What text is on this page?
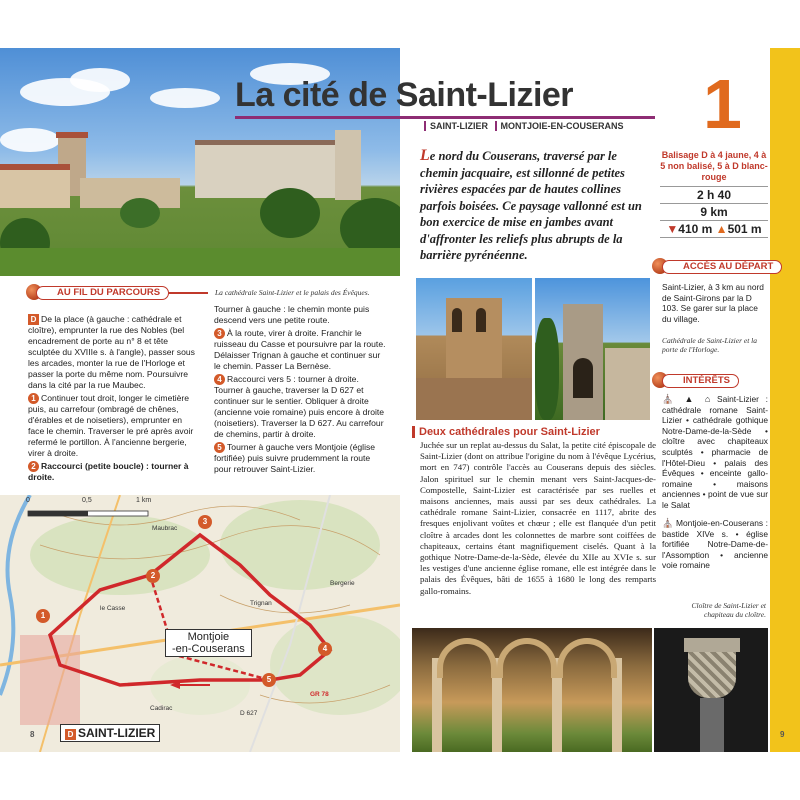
La cathédrale Saint-Lizier et le palais des Évêques.
AU FIL DU PARCOURS

D De la place (à gauche : cathédrale et cloître), emprunter la rue des Nobles (bel encadrement de porte au n° 8 et tête sculptée du XVIIIe s. à l'angle), passer sous les arcades, monter la rue de l'Horloge et passer la porte du même nom. Poursuivre dans la cité par la rue Maubec.

1 Continuer tout droit, longer le cimetière puis, au carrefour (ombragé de chênes, d'érables et de noisetiers), emprunter en face le chemin. Traverser le pré après avoir refermé le portillon. À l'ancienne bergerie, virer à droite.

2 Raccourci (petite boucle) : tourner à droite.

Tourner à gauche : le chemin monte puis descend vers une petite route.

3 À la route, virer à droite. Franchir le ruisseau du Casse et poursuivre par la route. Délaisser Trignan à gauche et continuer sur le chemin. Passer La Bernèse.

4 Raccourci vers 5 : tourner à droite. Tourner à gauche, traverser la D 627 et continuer sur le sentier. Obliquer à droite (ancienne voie romaine) puis encore à droite (noisetiers). Traverser la D 627. Au carrefour de chemins, partir à droite.

5 Tourner à gauche vers Montjoie (église fortifiée) puis suivre prudemment la route pour retrouver Saint-Lizier.

0	0,5	1 km
Maubrac
Trignan
Bergerie
le Casse
Cadirac
GR 78
D 627
Montjoie
-en-Couserans
D SAINT-LIZIER
1
2
3
4
5
8
La cité de Saint-Lizier
SAINT-LIZIER MONTJOIE-EN-COUSERANS 1
Le nord du Couserans, traversé par le chemin jacquaire, est sillonné de petites rivières espacées par de hautes collines parfois boisées. Ce paysage vallonné est un bon exercice de mise en jambes avant d'affronter les reliefs plus abrupts de la barrière pyrénéenne.
Balisage D à 4 jaune, 4 à 5 non balisé, 5 à D blanc-rouge
2 h 40
9 km
▼410 m ▲501 m
ACCÈS AU DÉPART
Saint-Lizier, à 3 km au nord de Saint-Girons par la D 103. Se garer sur la place du village.
Cathédrale de Saint-Lizier et la porte de l'Horloge.
INTÉRÊTS
⛪ ▲ ⌂ Saint-Lizier : cathédrale romane Saint-Lizier • cathédrale gothique Notre-Dame-de-la-Sède • cloître avec chapiteaux sculptés • pharmacie de l'Hôtel-Dieu • palais des Évêques • enceinte gallo-romaine • maisons anciennes • point de vue sur le Salat
⛪ Montjoie-en-Couserans : bastide XIVe s. • église fortifiée Notre-Dame-de-l'Assomption • ancienne voie romaine
Cloître de Saint-Lizier et chapiteau du cloître.
Deux cathédrales pour Saint-Lizier
Juchée sur un replat au-dessus du Salat, la petite cité épiscopale de Saint-Lizier (dont on attribue l'origine du nom à l'évêque Lycérius, mort en 747) contrôle l'accès au Couserans depuis des siècles. Jalon spirituel sur le chemin menant vers Saint-Jacques-de-Compostelle, Saint-Lizier est caractérisée par ses ruelles et maisons anciennes, mais aussi par ses deux cathédrales. La cathédrale romane Saint-Lizier, consacrée en 1117, abrite des fresques enjolivant voûtes et chœur ; elle est flanquée d'un petit cloître à arcades dont les colonnettes de marbre sont coiffées de chapiteaux, certains étant magnifiquement ciselés. Quant à la gothique Notre-Dame-de-la-Sède, élevée du XIIe au XVIe s. sur les vestiges d'une ancienne église romane, elle est intégrée dans le palais des Évêques, bâti de 1655 à 1680 le long des remparts gallo-romains.
9
